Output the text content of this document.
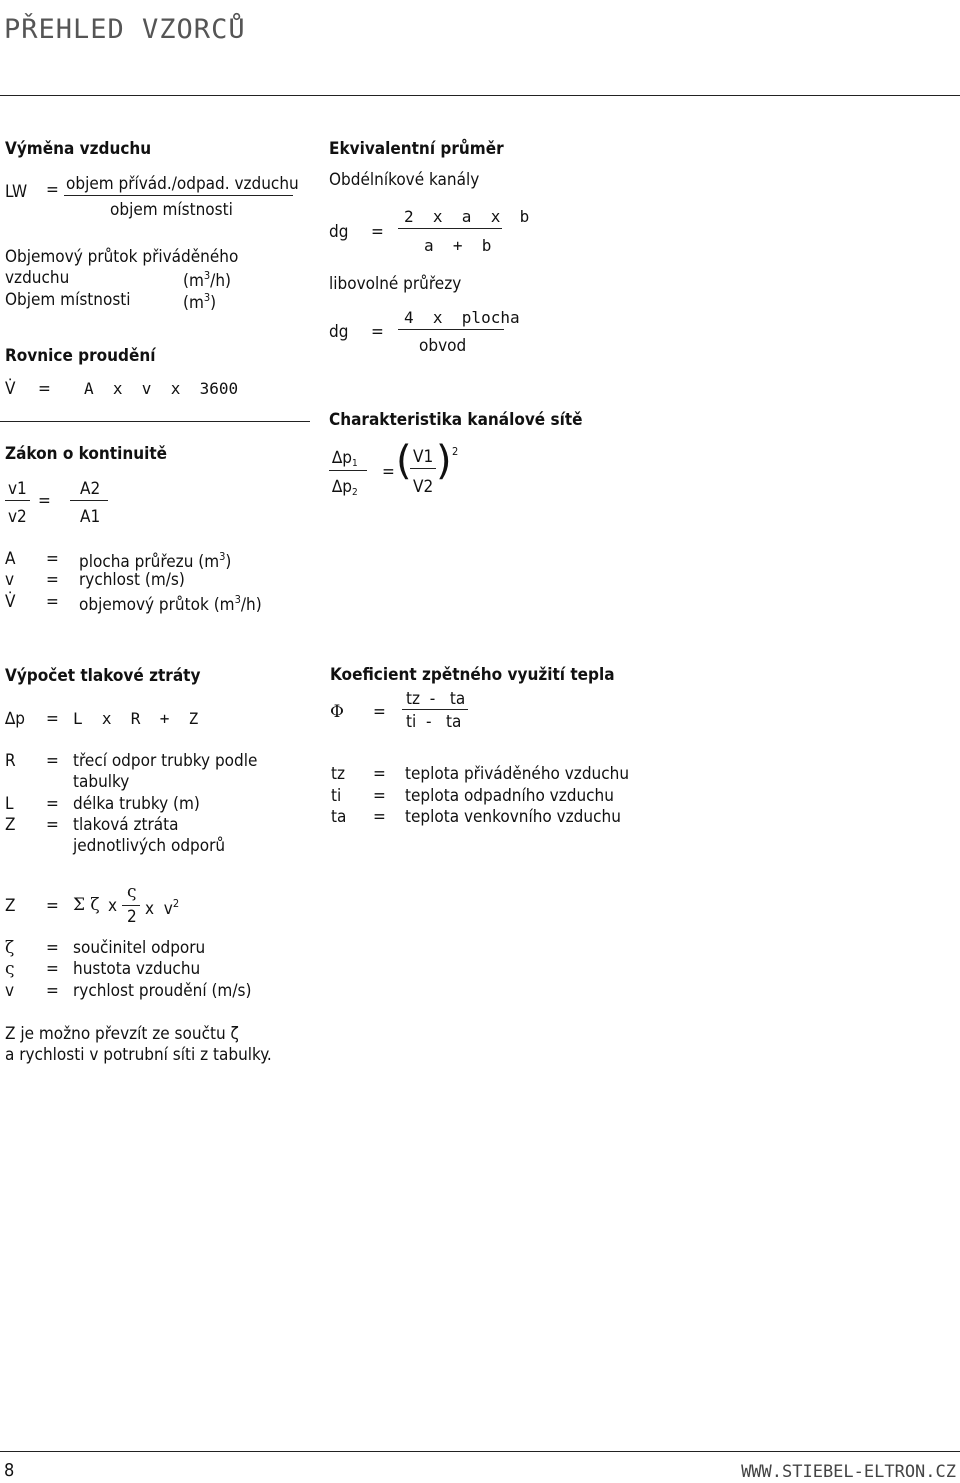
PŘEHLED VZORCŮ
Výměna vzduchu
LW = objem přívád./odpad. vzduchu
objem místnosti
Objemový průtok přiváděného
vzduchu	$(m^3/h)$
Objem místnosti	$(m^3)$
Rovnice proudění
V̇ = A  x  v  x  3600
Zákon o kontinuitě
v1
v2
=
A2
A1
A = plocha průřezu $(m^3)$
v = rychlost (m/s)
V̇ = objemový průtok $(m^3/h)$
Ekvivalentní průměr
Obdélníkové kanály
dg =
2  x  a  x  b
a  +  b
libovolné průřezy
dg =
4  x  plocha
obvod
Charakteristika kanálové sítě
$\Delta p_1$
$\Delta p_2$
= ( V1
V2
) 2
Výpočet tlakové ztráty
∆p = L  x  R  +  Z
R = třecí odpor trubky podle
tabulky
L = délka trubky (m)
Z = tlaková ztráta
jednotlivých odporů
Koeficient zpětného využití tepla
Φ =
tz  -   ta
ti  -   ta
tz = teplota přiváděného vzduchu
ti = teplota odpadního vzduchu
ta = teplota venkovního vzduchu
Z = Σ ζ x
ς
2 x  $v^2$
ζ = součinitel odporu
ς = hustota vzduchu
v = rychlost proudění (m/s)
Z je možno převzít ze součtu ζ
a rychlosti v potrubní síti z tabulky.
8	WWW.STIEBEL-ELTRON.CZ
